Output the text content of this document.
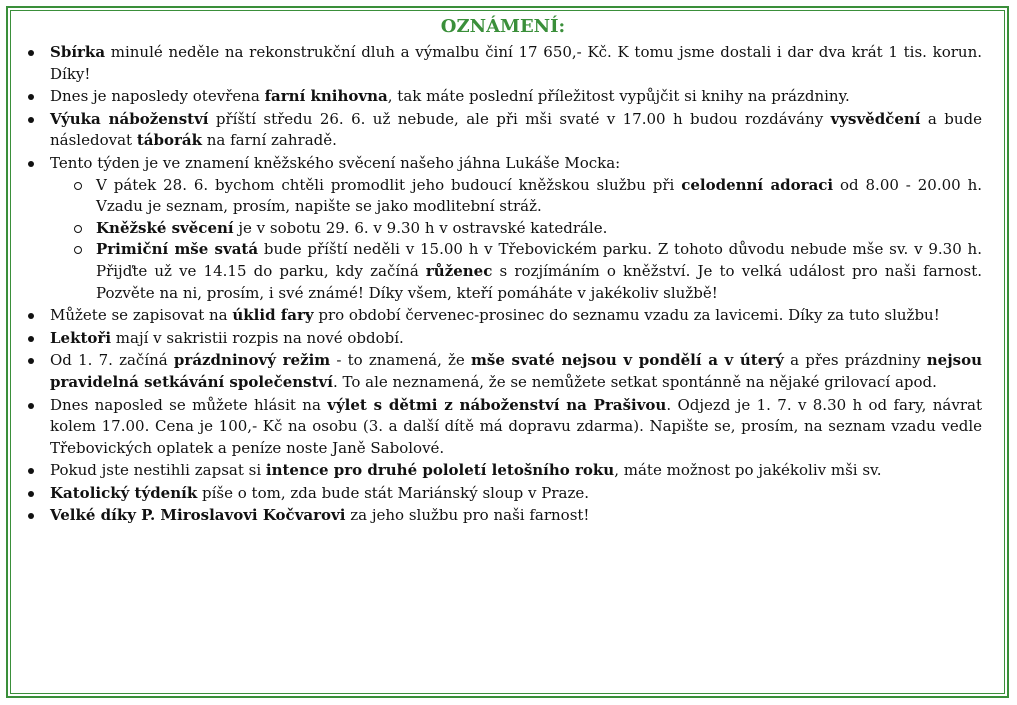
OZNÁMENÍ:
Sbírka minulé neděle na rekonstrukční dluh a výmalbu činí 17 650,- Kč. K tomu jsme dostali i dar dva krát 1 tis. korun. Díky!
Dnes je naposledy otevřena farní knihovna, tak máte poslední příležitost vypůjčit si knihy na prázdniny.
Výuka náboženství příští středu 26. 6. už nebude, ale při mši svaté v 17.00 h budou rozdávány vysvědčení a bude následovat táborák na farní zahradě.
Tento týden je ve znamení kněžského svěcení našeho jáhna Lukáše Mocka:
V pátek 28. 6. bychom chtěli promodlit jeho budoucí kněžskou službu při celodenní adoraci od 8.00 - 20.00 h. Vzadu je seznam, prosím, napište se jako modlitební stráž.
Kněžské svěcení je v sobotu 29. 6. v 9.30 h v ostravské katedrále.
Primiční mše svatá bude příští neděli v 15.00 h v Třebovickém parku. Z tohoto důvodu nebude mše sv. v 9.30 h. Přijďte už ve 14.15 do parku, kdy začíná růženec s rozjímáním o kněžství. Je to velká událost pro naši farnost. Pozvěte na ni, prosím, i své známé! Díky všem, kteří pomáháte v jakékoliv službě!
Můžete se zapisovat na úklid fary pro období červenec-prosinec do seznamu vzadu za lavicemi. Díky za tuto službu!
Lektoři mají v sakristii rozpis na nové období.
Od 1. 7. začíná prázdninový režim - to znamená, že mše svaté nejsou v pondělí a v úterý a přes prázdniny nejsou pravidelná setkávání společenství. To ale neznamená, že se nemůžete setkat spontánně na nějaké grilovací apod.
Dnes naposled se můžete hlásit na výlet s dětmi z náboženství na Prašivou. Odjezd je 1. 7. v 8.30 h od fary, návrat kolem 17.00. Cena je 100,- Kč na osobu (3. a další dítě má dopravu zdarma). Napište se, prosím, na seznam vzadu vedle Třebovických oplatek a peníze noste Janě Sabolové.
Pokud jste nestihli zapsat si intence pro druhé pololetí letošního roku, máte možnost po jakékoliv mši sv.
Katolický týdeník píše o tom, zda bude stát Mariánský sloup v Praze.
Velké díky P. Miroslavovi Kočvarovi za jeho službu pro naši farnost!
